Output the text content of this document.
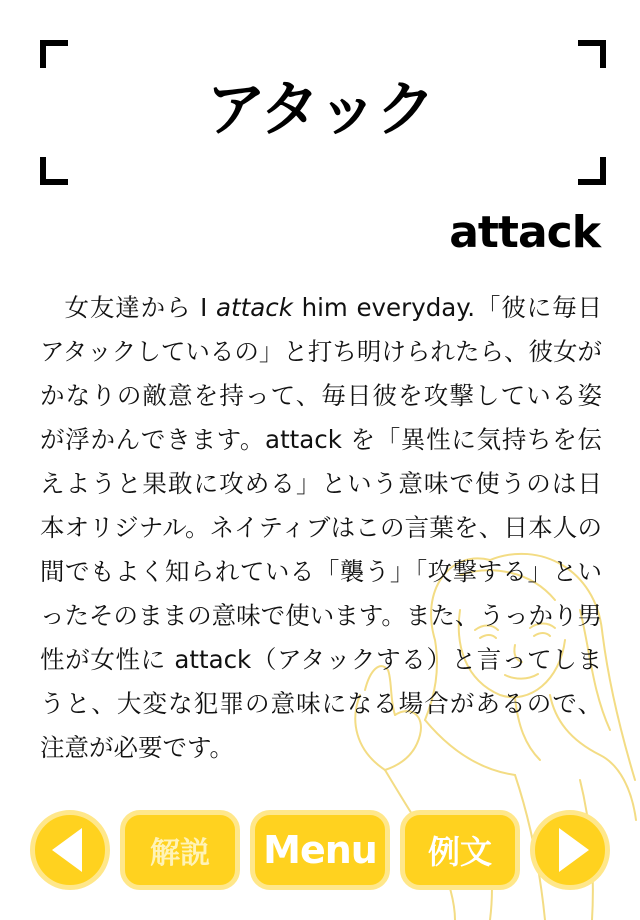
アタック
attack

女友達から I attack him everyday.「彼に毎日アタックしているの」と打ち明けられたら、彼女がかなりの敵意を持って、毎日彼を攻撃している姿が浮かんできます。attack を「異性に気持ちを伝えようと果敢に攻める」という意味で使うのは日本オリジナル。ネイティブはこの言葉を、日本人の間でもよく知られている「襲う」「攻撃する」といったそのままの意味で使います。また、うっかり男性が女性に attack（アタックする）と言ってしまうと、大変な犯罪の意味になる場合があるので、注意が必要です。

解説	Menu	例文
